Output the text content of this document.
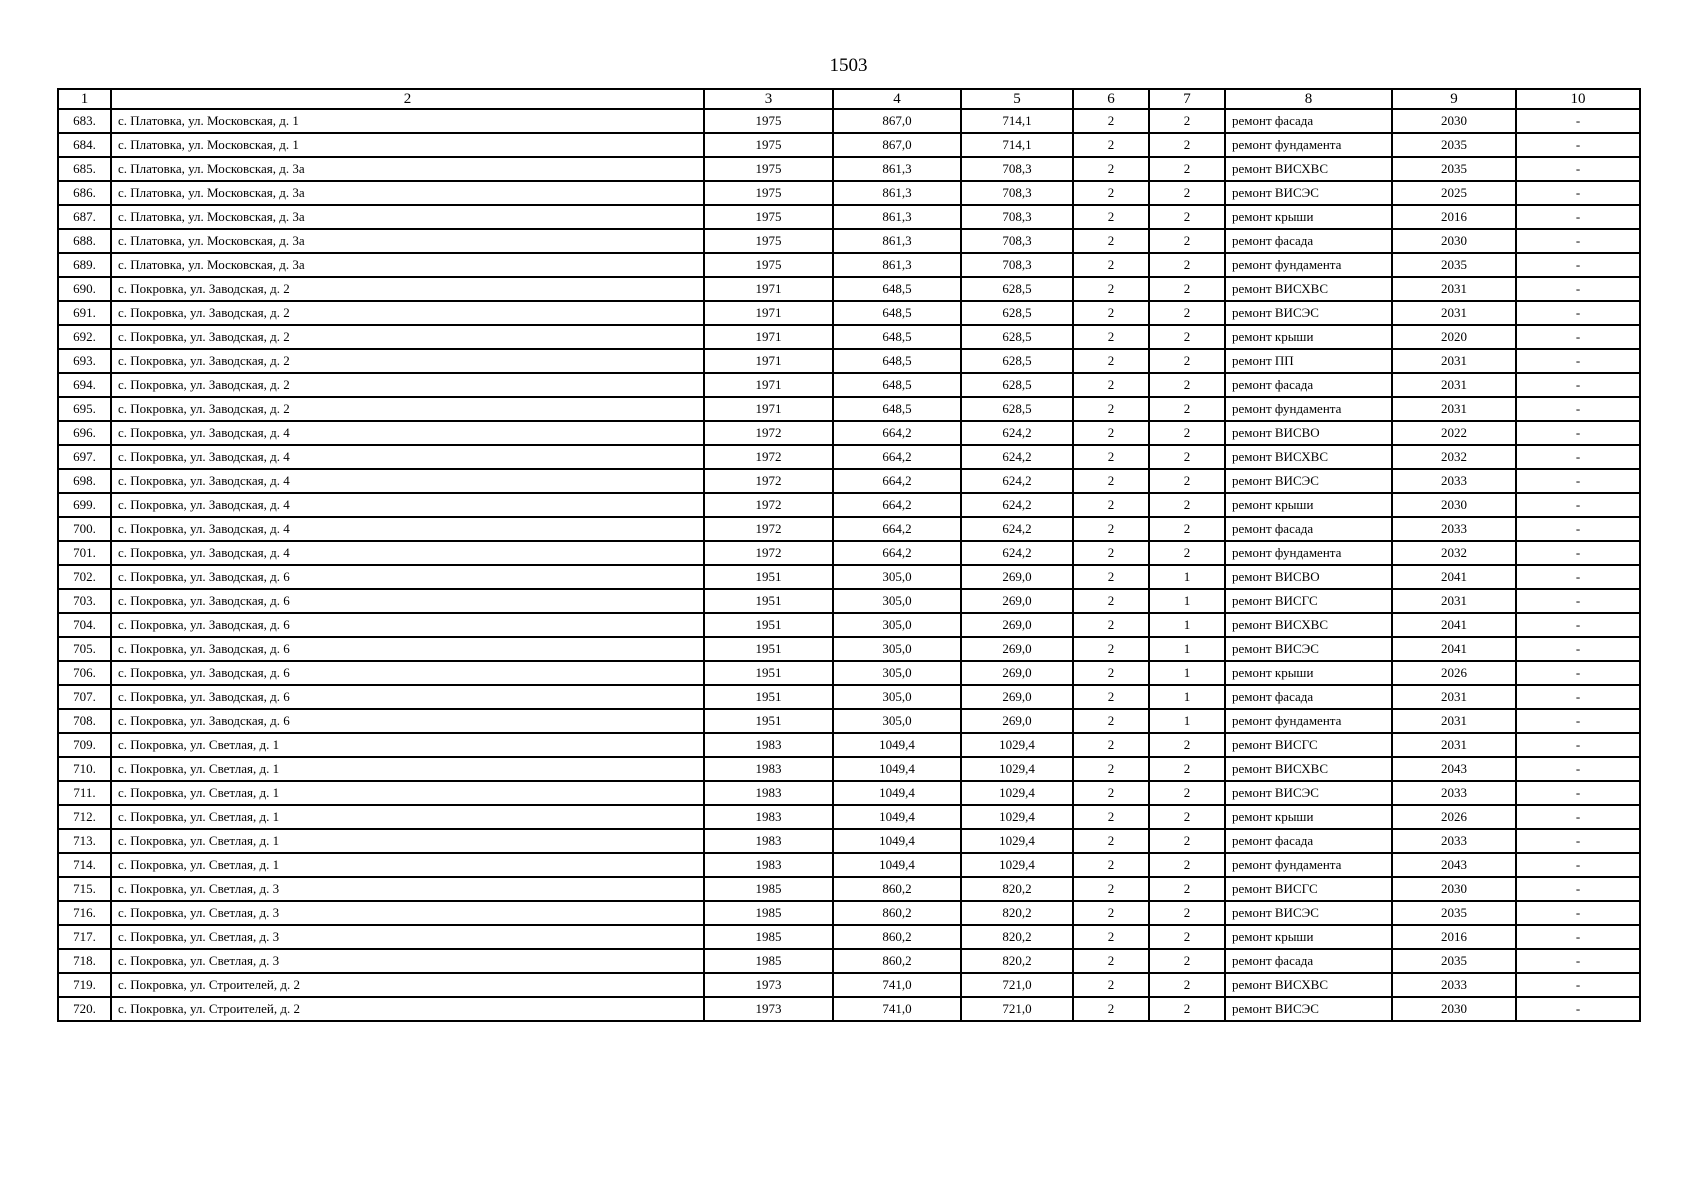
1503
1	2	3	4	5	6	7	8	9	10
683.	с. Платовка, ул. Московская, д. 1	1975	867,0	714,1	2	2	ремонт фасада	2030	-
684.	с. Платовка, ул. Московская, д. 1	1975	867,0	714,1	2	2	ремонт фундамента	2035	-
685.	с. Платовка, ул. Московская, д. 3а	1975	861,3	708,3	2	2	ремонт ВИСХВС	2035	-
686.	с. Платовка, ул. Московская, д. 3а	1975	861,3	708,3	2	2	ремонт ВИСЭС	2025	-
687.	с. Платовка, ул. Московская, д. 3а	1975	861,3	708,3	2	2	ремонт крыши	2016	-
688.	с. Платовка, ул. Московская, д. 3а	1975	861,3	708,3	2	2	ремонт фасада	2030	-
689.	с. Платовка, ул. Московская, д. 3а	1975	861,3	708,3	2	2	ремонт фундамента	2035	-
690.	с. Покровка, ул. Заводская, д. 2	1971	648,5	628,5	2	2	ремонт ВИСХВС	2031	-
691.	с. Покровка, ул. Заводская, д. 2	1971	648,5	628,5	2	2	ремонт ВИСЭС	2031	-
692.	с. Покровка, ул. Заводская, д. 2	1971	648,5	628,5	2	2	ремонт крыши	2020	-
693.	с. Покровка, ул. Заводская, д. 2	1971	648,5	628,5	2	2	ремонт ПП	2031	-
694.	с. Покровка, ул. Заводская, д. 2	1971	648,5	628,5	2	2	ремонт фасада	2031	-
695.	с. Покровка, ул. Заводская, д. 2	1971	648,5	628,5	2	2	ремонт фундамента	2031	-
696.	с. Покровка, ул. Заводская, д. 4	1972	664,2	624,2	2	2	ремонт ВИСВО	2022	-
697.	с. Покровка, ул. Заводская, д. 4	1972	664,2	624,2	2	2	ремонт ВИСХВС	2032	-
698.	с. Покровка, ул. Заводская, д. 4	1972	664,2	624,2	2	2	ремонт ВИСЭС	2033	-
699.	с. Покровка, ул. Заводская, д. 4	1972	664,2	624,2	2	2	ремонт крыши	2030	-
700.	с. Покровка, ул. Заводская, д. 4	1972	664,2	624,2	2	2	ремонт фасада	2033	-
701.	с. Покровка, ул. Заводская, д. 4	1972	664,2	624,2	2	2	ремонт фундамента	2032	-
702.	с. Покровка, ул. Заводская, д. 6	1951	305,0	269,0	2	1	ремонт ВИСВО	2041	-
703.	с. Покровка, ул. Заводская, д. 6	1951	305,0	269,0	2	1	ремонт ВИСГС	2031	-
704.	с. Покровка, ул. Заводская, д. 6	1951	305,0	269,0	2	1	ремонт ВИСХВС	2041	-
705.	с. Покровка, ул. Заводская, д. 6	1951	305,0	269,0	2	1	ремонт ВИСЭС	2041	-
706.	с. Покровка, ул. Заводская, д. 6	1951	305,0	269,0	2	1	ремонт крыши	2026	-
707.	с. Покровка, ул. Заводская, д. 6	1951	305,0	269,0	2	1	ремонт фасада	2031	-
708.	с. Покровка, ул. Заводская, д. 6	1951	305,0	269,0	2	1	ремонт фундамента	2031	-
709.	с. Покровка, ул. Светлая, д. 1	1983	1049,4	1029,4	2	2	ремонт ВИСГС	2031	-
710.	с. Покровка, ул. Светлая, д. 1	1983	1049,4	1029,4	2	2	ремонт ВИСХВС	2043	-
711.	с. Покровка, ул. Светлая, д. 1	1983	1049,4	1029,4	2	2	ремонт ВИСЭС	2033	-
712.	с. Покровка, ул. Светлая, д. 1	1983	1049,4	1029,4	2	2	ремонт крыши	2026	-
713.	с. Покровка, ул. Светлая, д. 1	1983	1049,4	1029,4	2	2	ремонт фасада	2033	-
714.	с. Покровка, ул. Светлая, д. 1	1983	1049,4	1029,4	2	2	ремонт фундамента	2043	-
715.	с. Покровка, ул. Светлая, д. 3	1985	860,2	820,2	2	2	ремонт ВИСГС	2030	-
716.	с. Покровка, ул. Светлая, д. 3	1985	860,2	820,2	2	2	ремонт ВИСЭС	2035	-
717.	с. Покровка, ул. Светлая, д. 3	1985	860,2	820,2	2	2	ремонт крыши	2016	-
718.	с. Покровка, ул. Светлая, д. 3	1985	860,2	820,2	2	2	ремонт фасада	2035	-
719.	с. Покровка, ул. Строителей, д. 2	1973	741,0	721,0	2	2	ремонт ВИСХВС	2033	-
720.	с. Покровка, ул. Строителей, д. 2	1973	741,0	721,0	2	2	ремонт ВИСЭС	2030	-
